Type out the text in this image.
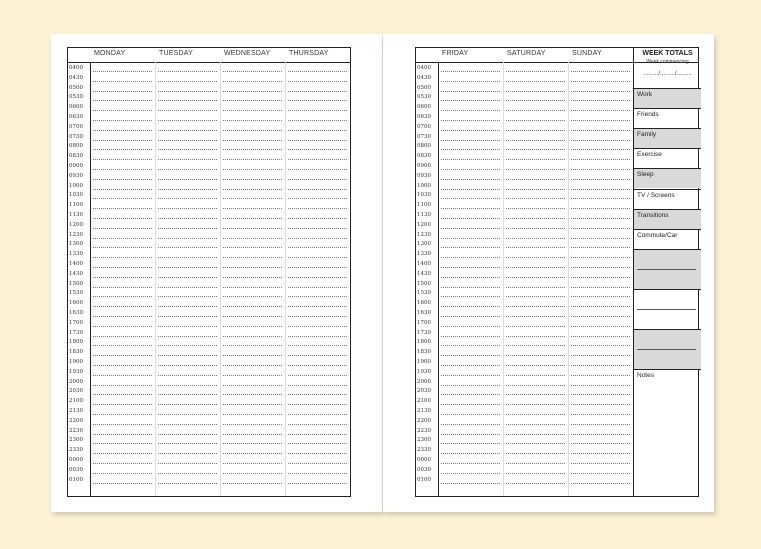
MONDAY	TUESDAY	WEDNESDAY	THURSDAY
0400
0430
0500
0530
0600
0630
0700
0730
0800
0830
0900
0930
1000
1030
1100
1130
1200
1230
1300
1330
1400
1430
1500
1530
1600
1630
1700
1730
1800
1830
1900
1930
2000
2030
2100
2130
2200
2230
2300
2330
0000
0030
0100
FRIDAY	SATURDAY	SUNDAY
0400
0430
0500
0530
0600
0630
0700
0730
0800
0830
0900
0930
1000
1030
1100
1130
1200
1230
1300
1330
1400
1430
1500
1530
1600
1630
1700
1730
1800
1830
1900
1930
2000
2030
2100
2130
2200
2230
2300
2330
0000
0030
0100
WEEK TOTALS
Week commencing
........./........./.........
Work
Friends
Family
Exercise
Sleep
TV / Screens
Transitions
Commute/Car
Notes
